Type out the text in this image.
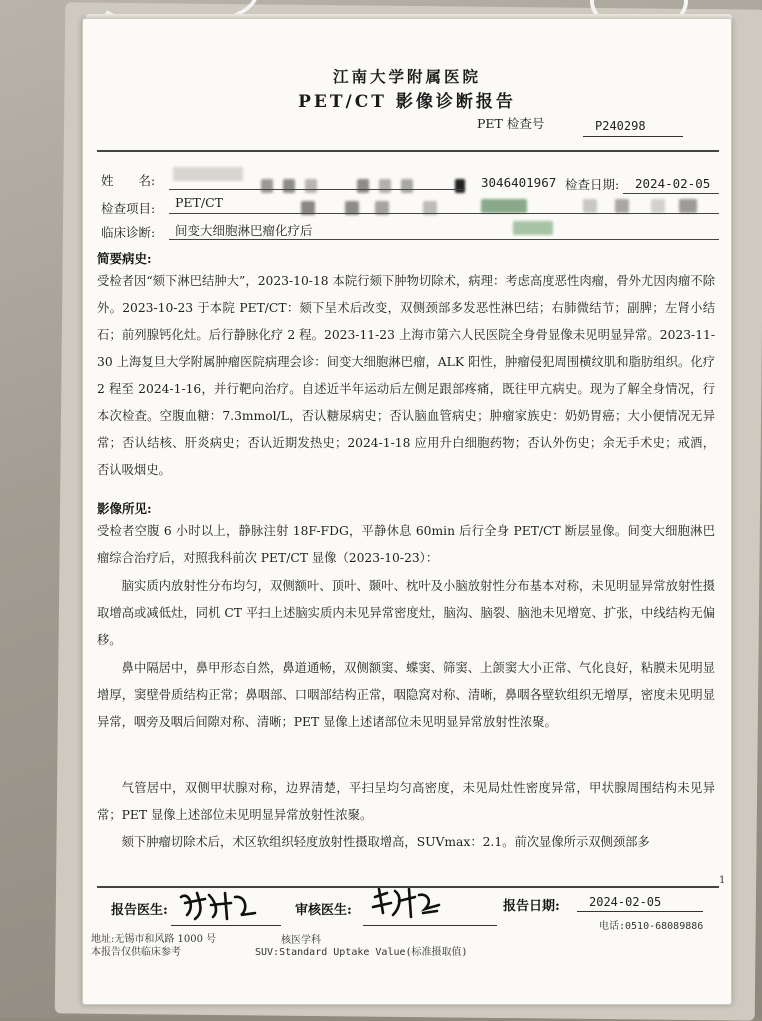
江南大学附属医院
PET/CT 影像诊断报告
PET 检查号	P240298
姓　　名:	3046401967 检查日期: 2024-02-05
检查项目: PET/CT
临床诊断: 间变大细胞淋巴瘤化疗后
简要病史:
受检者因“颏下淋巴结肿大”，2023-10-18 本院行颏下肿物切除术，病理：考虑高度恶性肉瘤，骨外尤因肉瘤不除外。2023-10-23 于本院 PET/CT：颏下呈术后改变，双侧颈部多发恶性淋巴结；右肺微结节；副脾；左肾小结石；前列腺钙化灶。后行静脉化疗 2 程。2023-11-23 上海市第六人民医院全身骨显像未见明显异常。2023-11-30 上海复旦大学附属肿瘤医院病理会诊：间变大细胞淋巴瘤，ALK 阳性，肿瘤侵犯周围横纹肌和脂肪组织。化疗 2 程至 2024-1-16，并行靶向治疗。自述近半年运动后左侧足跟部疼痛，既往甲亢病史。现为了解全身情况，行本次检查。空腹血糖：7.3mmol/L，否认糖尿病史；否认脑血管病史；肿瘤家族史：奶奶胃癌；大小便情况无异常；否认结核、肝炎病史；否认近期发热史；2024-1-18 应用升白细胞药物；否认外伤史；余无手术史；戒酒，否认吸烟史。
影像所见:
受检者空腹 6 小时以上，静脉注射 18F-FDG，平静休息 60min 后行全身 PET/CT 断层显像。间变大细胞淋巴瘤综合治疗后，对照我科前次 PET/CT 显像（2023-10-23）：
脑实质内放射性分布均匀，双侧额叶、顶叶、颞叶、枕叶及小脑放射性分布基本对称，未见明显异常放射性摄取增高或减低灶，同机 CT 平扫上述脑实质内未见异常密度灶，脑沟、脑裂、脑池未见增宽、扩张，中线结构无偏移。
鼻中隔居中，鼻甲形态自然，鼻道通畅，双侧额窦、蝶窦、筛窦、上颌窦大小正常、气化良好，粘膜未见明显增厚，窦壁骨质结构正常；鼻咽部、口咽部结构正常，咽隐窝对称、清晰，鼻咽各壁软组织无增厚，密度未见明显异常，咽旁及咽后间隙对称、清晰；PET 显像上述诸部位未见明显异常放射性浓聚。
气管居中，双侧甲状腺对称，边界清楚，平扫呈均匀高密度，未见局灶性密度异常，甲状腺周围结构未见异常；PET 显像上述部位未见明显异常放射性浓聚。
颏下肿瘤切除术后，术区软组织轻度放射性摄取增高，SUVmax：2.1。前次显像所示双侧颈部多
1
报告医生:	审核医生:	报告日期: 2024-02-05
地址:无锡市和风路 1000 号	核医学科
电话:0510-68089886
本报告仅供临床参考	SUV:Standard Uptake Value(标准摄取值)
